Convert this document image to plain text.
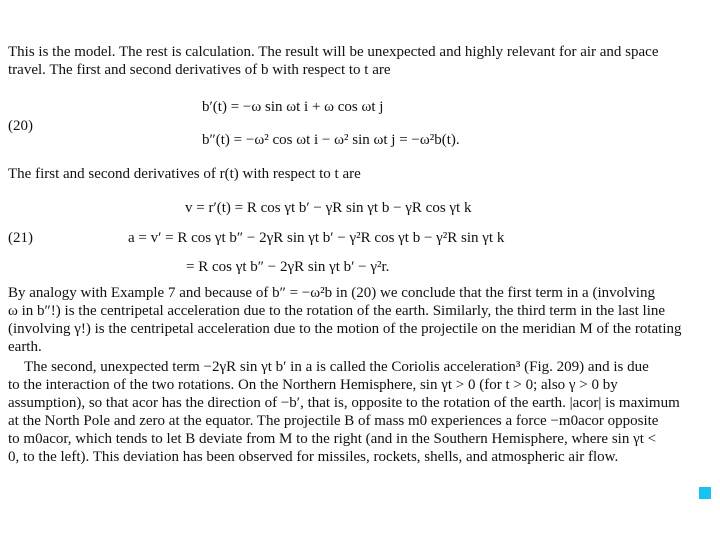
This is the model. The rest is calculation. The result will be unexpected and highly relevant for air and space
travel. The first and second derivatives of b with respect to t are
b′(t) = −ω sin ωt i + ω cos ωt j
(20)
b″(t) = −ω² cos ωt i − ω² sin ωt j = −ω²b(t).
The first and second derivatives of r(t) with respect to t are
v = r′(t) = R cos γt b′ − γR sin γt b − γR cos γt k
(21)	a = v′ = R cos γt b″ − 2γR sin γt b′ − γ²R cos γt b − γ²R sin γt k
= R cos γt b″ − 2γR sin γt b′ − γ²r.
By analogy with Example 7 and because of b″ = −ω²b in (20) we conclude that the first term in a (involving
ω in b″!) is the centripetal acceleration due to the rotation of the earth. Similarly, the third term in the last line
(involving γ!) is the centripetal acceleration due to the motion of the projectile on the meridian M of the rotating
earth.
The second, unexpected term −2γR sin γt b′ in a is called the Coriolis acceleration³ (Fig. 209) and is due
to the interaction of the two rotations. On the Northern Hemisphere, sin γt > 0 (for t > 0; also γ > 0 by
assumption), so that acor has the direction of −b′, that is, opposite to the rotation of the earth. |acor| is maximum
at the North Pole and zero at the equator. The projectile B of mass m0 experiences a force −m0acor opposite
to m0acor, which tends to let B deviate from M to the right (and in the Southern Hemisphere, where sin γt <
0, to the left). This deviation has been observed for missiles, rockets, shells, and atmospheric air flow.
